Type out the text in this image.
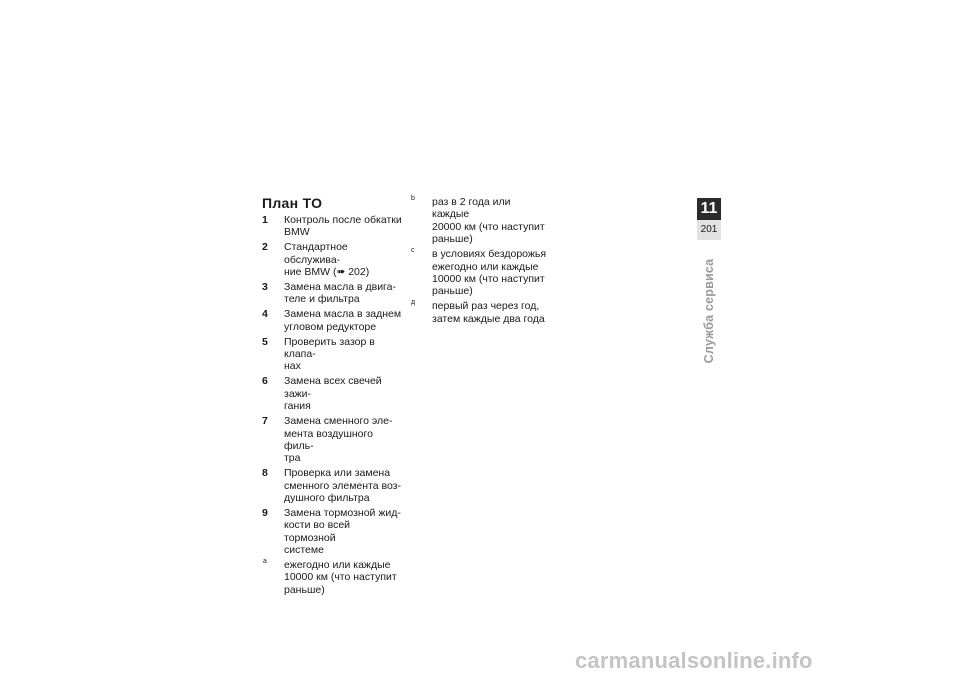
План ТО
1 Контроль после обкатки
BMW
2 Стандартное обслужива-
ние BMW (➠ 202)
3 Замена масла в двига-
теле и фильтра
4 Замена масла в заднем
угловом редукторе
5 Проверить зазор в клапа-
нах
6 Замена всех свечей зажи-
гания
7 Замена сменного эле-
мента воздушного филь-
тра
8 Проверка или замена
сменного элемента воз-
душного фильтра
9 Замена тормозной жид-
кости во всей тормозной
системе
a ежегодно или каждые
10000 км (что наступит
раньше)
b раз в 2 года или каждые
20000 км (что наступит
раньше)
c в условиях бездорожья
ежегодно или каждые
10000 км (что наступит
раньше)
д первый раз через год,
затем каждые два года
11
201
Служба сервиса
carmanualsonline.info
